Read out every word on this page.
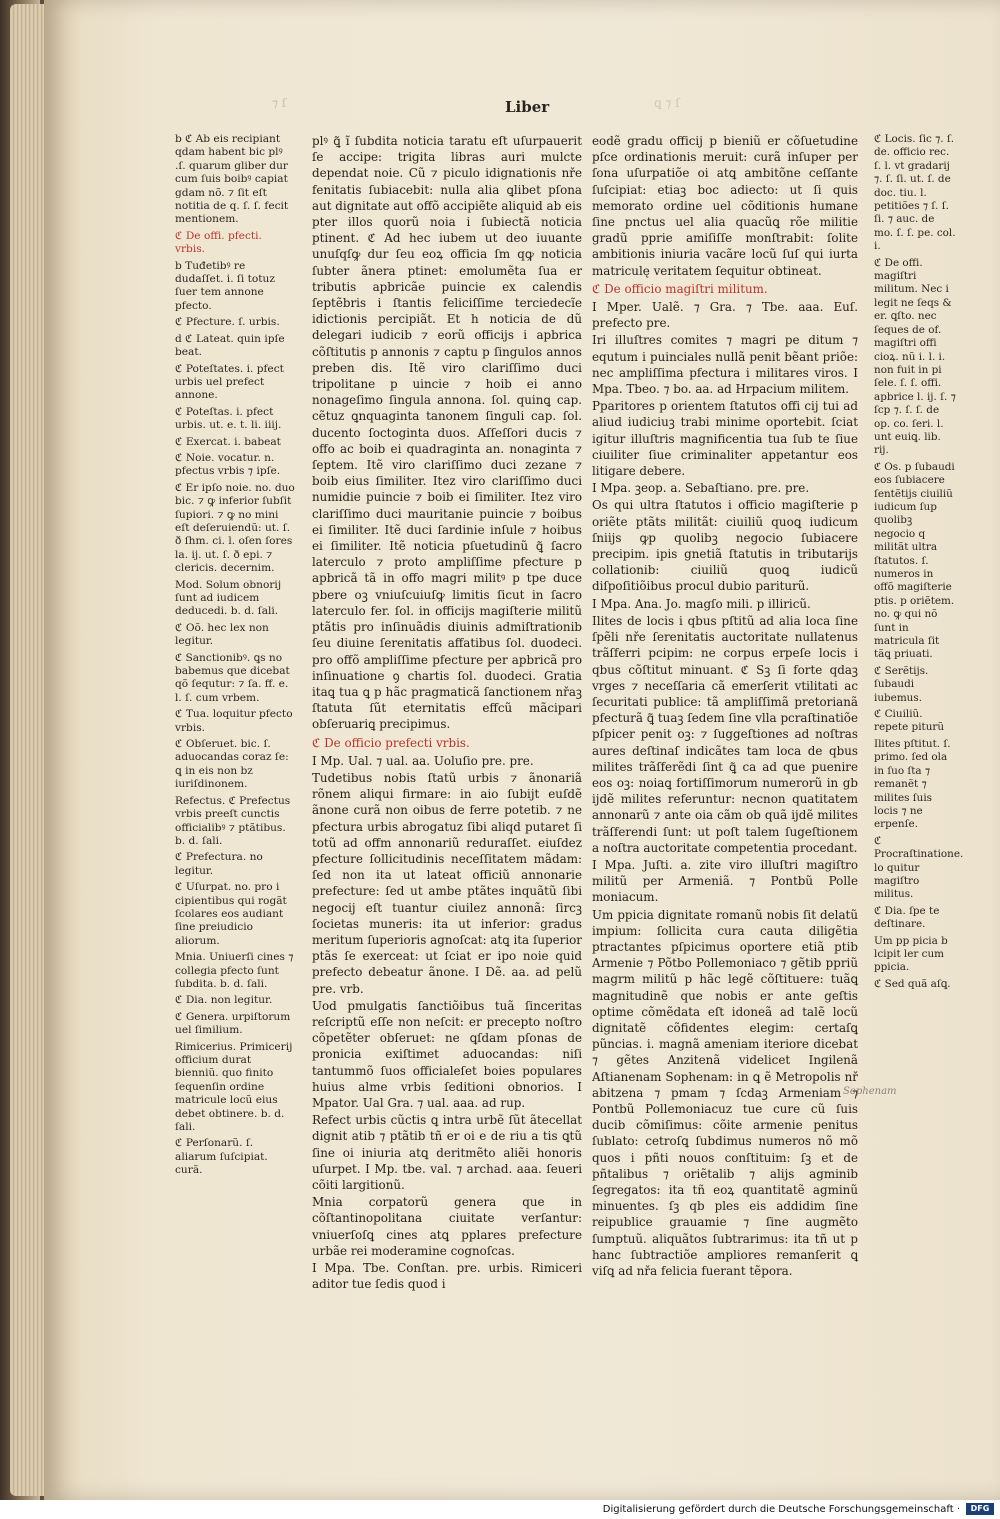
⁊ ſ	ꝗ ⁊ ſ
Liber

b ℭ Ab eis recipiant qdam habent bic plꝰ .ſ. quarum gliber dur cum ſuis boibꝰ capiat gdam nõ. ⁊ ſit eſt notitia de q. ſ. ſ. fecit mentionem.

ℭ De offi. pfecti. vrbis.

b Tuđetibꝰ re dudaſſet. i. ſi totuz ſuer tem annone pfecto.

ℭ Pfecture. ſ. urbis.

d ℭ Lateat. quin ipſe beat.

ℭ Poteſtates. i. pfect urbis uel prefect annone.

ℭ Poteſtas. i. pfect urbis. ut. e. t. li. iiij.

ℭ Exercat. i. babeat

ℭ Noie. vocatur. n. pfectus vrbis ⁊ ipſe.

ℭ Er ipſo noie. no. duo bic. ⁊ ꝙ inferior ſubſit ſupiori. ⁊ ꝙ no mini eſt deſeruiendũ: ut. ſ. ð ſhm. ci. l. oſen ſores la. ij. ut. ſ. ð epi. ⁊ clericis. decernim.

Mod. Solum obnorij ſunt ad iudicem deducedi. b. d. ſali.

ℭ Oõ. hec lex non legitur.

ℭ Sanctionibꝰ. ꝗs no babemus que dicebat qõ ſequtur: ⁊ ſa. ff. e. l. ſ. cum vrbem.

ℭ Tua. loquitur pfecto vrbis.

ℭ Obſeruet. bic. ſ. aduocandas coraz ſe: ꝗ in eis non bz iuriſdinonem.

Refectus. ℭ Prefectus vrbis preeſt cunctis officialibꝰ ⁊ ptãtibus. b. d. ſali.

ℭ Prefectura. no legitur.

ℭ Uſurpat. no. pro i cipientibus qui rogãt ſcolares eos audiant ſine preiudicio aliorum.

Mnia. Uniuerſi cines ⁊ collegia pfecto ſunt ſubdita. b. d. ſali.

ℭ Dia. non legitur.

ℭ Genera. urpiſtorum uel ſimilium.

Rimicerius. Primicerij officium durat bienniũ. quo finito ſequenſin ordine matricule locũ eius debet obtinere. b. d. ſali.

ℭ Perſonarũ. ſ. aliarum ſuſcipiat. curã.

plꝰ ꝗ̃ ĩ ſubdita noticia taratu eſt uſurpauerit ſe accipe: trigita libras auri mulcte dependat noie. Cũ ⁊ piculo idignationis nře fenitatis ſubiacebit: nulla alia ꝗlibet pſona aut dignitate aut offõ accipiẽte aliquid ab eis pter illos quorũ noia i ſubiectã noticia ptinent. ℭ Ad hec iubem ut deo iuuante unuſqſꝙ dur ſeu eoꝝ officia ſm qꝙ noticia ſubter ãnera ptinet: emolumẽta ſua er tributis apbricãe puincie ex calendis ſeptẽbris i ſtantis feliciſſime terciedecĩe idictionis percipiãt. Et h noticia de dũ delegari iudicib ⁊ eorũ officijs i apbrica cõſtitutis p annonis ⁊ captu p ſingulos annos preben dis. Itẽ viro clariſſimo duci tripolitane p uincie ⁊ hoib ei anno nonageſimo ſingula annona. ſol. quinꝗ cap. cẽtuz ꝗnquaginta tanonem ſinguli cap. ſol. ducento ſoctoginta duos. Aſſeſſori ducis ⁊ offo ac boib ei quadraginta an. nonaginta ⁊ ſeptem. Itẽ viro clariſſimo duci zezane ⁊ boib eius ſimiliter. Itez viro clariſſimo duci numidie puincie ⁊ boib ei ſimiliter. Itez viro clariſſimo duci mauritanie puincie ⁊ boibus ei ſimiliter. Itẽ duci ſardinie inſule ⁊ hoibus ei ſimiliter. Itẽ noticia pſuetudinũ ꝗ̃ ſacro laterculo ⁊ proto ampliſſime pfecture p apbricã tã in offo magri militꝰ p tpe duce pbere oꝫ vniuſcuiuſꝙ limitis ſicut in ſacro laterculo fer. ſol. in officijs magiſterie militũ ptãtis pro inſinuãdis diuinis admiſtrationib ſeu diuine ſerenitatis affatibus ſol. duodeci. pro offõ ampliſſime pfecture per apbricã pro inſinuatione ꝯ chartis ſol. duodeci. Gratia itaꝗ tua ꝗ p hãc pragmaticã ſanctionem nřaꝫ ſtatuta ſũt eternitatis effcũ mãcipari obſeruariꝗ precipimus.

ℭ De officio prefecti vrbis.

I Mp. Ual. ⁊ ual. aa. Uoluſio pre. pre.

Tudetibus nobis ſtatũ urbis ⁊ ãnonariã rõnem aliqui firmare: in aio ſubijt euſdẽ ãnone curã non oibus de ferre potetib. ⁊ ne pfectura urbis abrogatuz ſibi aliqd putaret ſi totũ ad offm annonariũ reduraſſet. eiuſdez pfecture ſollicitudinis neceſſitatem mãdam: ſed non ita ut lateat officiũ annonarie prefecture: ſed ut ambe ptãtes inquãtũ ſibi negocij eſt tuantur ciuilez annonã: ſircꝫ ſocietas muneris: ita ut inferior: gradus meritum ſuperioris agnoſcat: atꝗ ita ſuperior ptãs ſe exerceat: ut ſciat er ipo noie quid prefecto debeatur ãnone. I Dẽ. aa. ad pelũ pre. vrb.

Uod pmulgatis ſanctiõibus tuã ſinceritas reſcriptũ eſſe non neſcit: er precepto noſtro cõpetẽter obſeruet: ne ꝗſdam pſonas de pronicia exiſtimet aduocandas: niſi tantummõ ſuos officialeſet boies populares huius alme vrbis ſeditioni obnorios. I Mpator. Ual Gra. ⁊ ual. aaa. ad rup.

Refect urbis cũctis ꝗ intra urbẽ ſũt ãtecellat dignit atib ⁊ ptãtib tñ er oi e de riu a tis ꝗtũ ſine oi iniuria atꝗ deritmẽto aliẽi honoris uſurpet. I Mp. tbe. val. ⁊ archad. aaa. ſeueri cõiti largitionũ.

Mnia corpatorũ genera que in cõſtantinopolitana ciuitate verſantur: vniuerſoſꝗ cines atꝗ pplares prefecture urbãe rei moderamine cognoſcas.

I Mpa. Tbe. Conſtan. pre. urbis. Rimiceri aditor tue ſedis quod i

eodẽ gradu officij p bieniũ er cõſuetudine pſce ordinationis meruit: curã inſuper per ſona uſurpatiõe oi atꝗ ambitõne ceſſante ſuſcipiat: etiaꝫ boc adiecto: ut ſi quis memorato ordine uel cõditionis humane ſine pnctus uel alia quacũꝗ rõe militie gradũ pprie amiſiſſe monſtrabit: ſolite ambitionis iniuria vacãre locũ ſuſ qui iurta matriculę veritatem ſequitur obtineat.

ℭ De officio magiſtri militum.

I Mper. Ualẽ. ⁊ Gra. ⁊ Tbe. aaa. Euſ. prefecto pre.

Iri illuſtres comites ⁊ magri pe ditum ⁊ equtum i puinciales nullã penit bẽant priõe: nec ampliſſima pfectura i militares viros. I Mpa. Tbeo. ⁊ bo. aa. ad Hrpacium militem.

Pparitores p orientem ſtatutos offi cij tui ad aliud iudiciuꝫ trabi minime oportebit. ſciat igitur illuſtris magnificentia tua ſub te ſiue ciuiliter ſiue criminaliter appetantur eos litigare debere.

I Mpa. ꝫeop. a. Sebaſtiano. pre. pre.

Os qui ultra ſtatutos i officio magiſterie p oriẽte ptãts militãt: ciuiliũ quoꝗ iudicum ſniijs ꝙp quolibꝫ negocio ſubiacere precipim. ipis gnetiã ſtatutis in tributarijs collationib: ciuiliũ quoꝗ iudicũ diſpoſitiõibus procul dubio pariturũ.

I Mpa. Ana. Jo. magſo mili. p illiricũ.

Ilites de locis i qbus pſtitũ ad alia loca ſine ſpẽli nře ſerenitatis auctoritate nullatenus trãſferri pcipim: ne corpus erpeſe locis i qbus cõſtitut minuant. ℭ Sꝫ ſi forte qdaꝫ vrges ⁊ neceſſaria cã emerſerit vtilitati ac ſecuritati publice: tã ampliſſimã pretorianã pfecturã ꝗ̃ tuaꝫ ſedem ſine vlla pcraſtinatiõe pſpicer penit oꝫ: ⁊ ſuggeſtiones ad noſtras aures deſtinaſ indicãtes tam loca de qbus milites trãſferẽdi ſint ꝗ̃ ca ad que puenire eos oꝫ: noiaꝗ fortiſſimorum numerorũ in gb ijdẽ milites referuntur: necnon quatitatem annonarũ ⁊ ante oia cãm ob quã ijdẽ milites trãſferendi ſunt: ut poſt talem ſugeſtionem a noſtra auctoritate competentia procedant.

I Mpa. Juſti. a. zite viro illuſtri magiſtro militũ per Armeniã. ⁊ Pontbũ Polle moniacum.

Um ppicia dignitate romanũ nobis ſit delatũ impium: ſollicita cura cauta diligẽtia ptractantes pſpicimus oportere etiã ptib Armenie ⁊ Põtbo Pollemoniaco ⁊ gẽtib ppriũ magrm militũ p hãc legẽ cõſtituere: tuãꝗ magnitudinẽ que nobis er ante geſtis optime cõmẽdata eſt idoneã ad talẽ locũ dignitatẽ cõfidentes elegim: certaſꝗ pũncias. i. magnã ameniam iteriore dicebat ⁊ gẽtes Anzitenã videlicet Ingilenã Aſtianenam Sophenam: in ꝗ ẽ Metropolis nř abitzena ⁊ pmam ⁊ ſcdaꝫ Armeniam ⁊ Pontbũ Pollemoniacuz tue cure cũ ſuis ducib cõmiſimus: cõite armenie penitus ſublato: cetroſꝗ ſubdimus numeros nõ mõ quos i pñti nouos conſtituim: ſꝫ et de pñtalibus ⁊ oriẽtalib ⁊ alijs agminib ſegregatos: ita tñ eoꝝ quantitatẽ agminũ minuentes. ſꝫ qb ples eis addidim ſine reipublice grauamie ⁊ ſine augmẽto ſumptuũ. aliquãtos ſubtrarimus: ita tñ ut p hanc ſubtractiõe ampliores remanſerit ꝗ viſꝗ ad nřa felicia fuerant tẽpora.

ℭ Locis. ſic ⁊. ſ. de. officio rec. ſ. l. vt gradarij ⁊. ſ. ſi. ut. ſ. de doc. tiu. l. petitiões ⁊ ſ. ſ. ſi. ⁊ auc. de mo. ſ. ſ. pe. col. i.

ℭ De offi. magiſtri militum. Nec i legit ne ſeqs & er. ꝗſto. nec ſeques de of. magiſtri offi cioꝝ. nũ i. l. i. non fuit in pi ſele. ſ. ſ. offi. apbrice l. ij. ſ. ⁊ ſcp ⁊. ſ. ſ. de op. co. ſeri. l. unt euiꝗ. lib. rij.

ℭ Os. p ſubaudi eos ſubiacere ſentẽtijs ciuiliũ iudicum ſup quolibꝫ negocio q militãt ultra ſtatutos. ſ. numeros in offõ magiſterie ptis. p oriẽtem. no. ꝙ qui nõ ſunt in matricula ſit tãꝗ priuati.

ℭ Serẽtijs. ſubaudi iubemus.

ℭ Ciuiliũ. repete piturũ

Ilites pſtitut. ſ. primo. ſed ola in ſuo ſta ⁊ remanẽt ⁊ milites ſuis locis ⁊ ne erpenſe.

ℭ Procraſtinatione. lo quitur magiſtro militus.

ℭ Dia. ſpe te deſtinare.

Um pp picia b lcipit ler cum ppicia.

ℭ Sed quã aſꝗ.

Sophenam
Digitalisierung gefördert durch die Deutsche Forschungsgemeinschaft ·	DFG
